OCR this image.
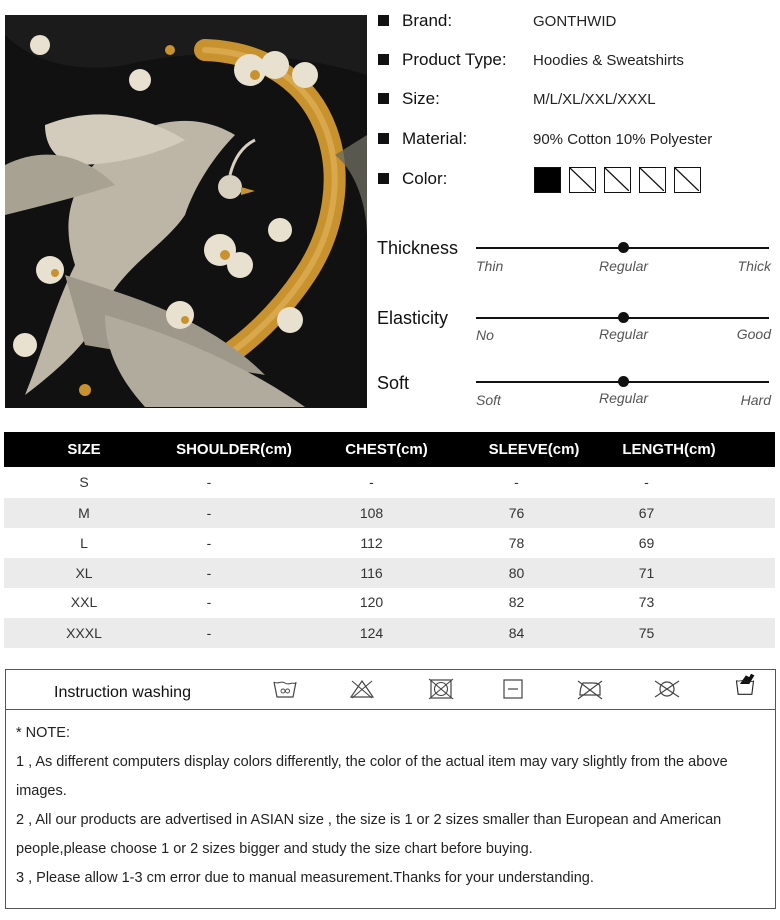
Brand:	GONTHWID
Product Type: Hoodies & Sweatshirts
Size:	M/L/XL/XXL/XXXL
Material:	90% Cotton 10% Polyester
Color:
Thickness
Thin	Regular	Thick
Elasticity
No	Regular	Good
Soft
Soft	Regular	Hard
SIZE	SHOULDER(cm)	CHEST(cm)	SLEEVE(cm)	LENGTH(cm)
S	-	-	-	-
M	-	108	76	67
L	-	112	78	69
XL	-	116	80	71
XXL	-	120	82	73
XXXL	-	124	84	75
Instruction washing
* NOTE:
1 , As different computers display colors differently, the color of the actual item may vary slightly from the above
images.
2 , All our products are advertised in ASIAN size , the size is 1 or 2 sizes smaller than European and American
people,please choose 1 or 2 sizes bigger and study the size chart before buying.
3 , Please allow 1-3 cm error due to manual measurement.Thanks for your understanding.
